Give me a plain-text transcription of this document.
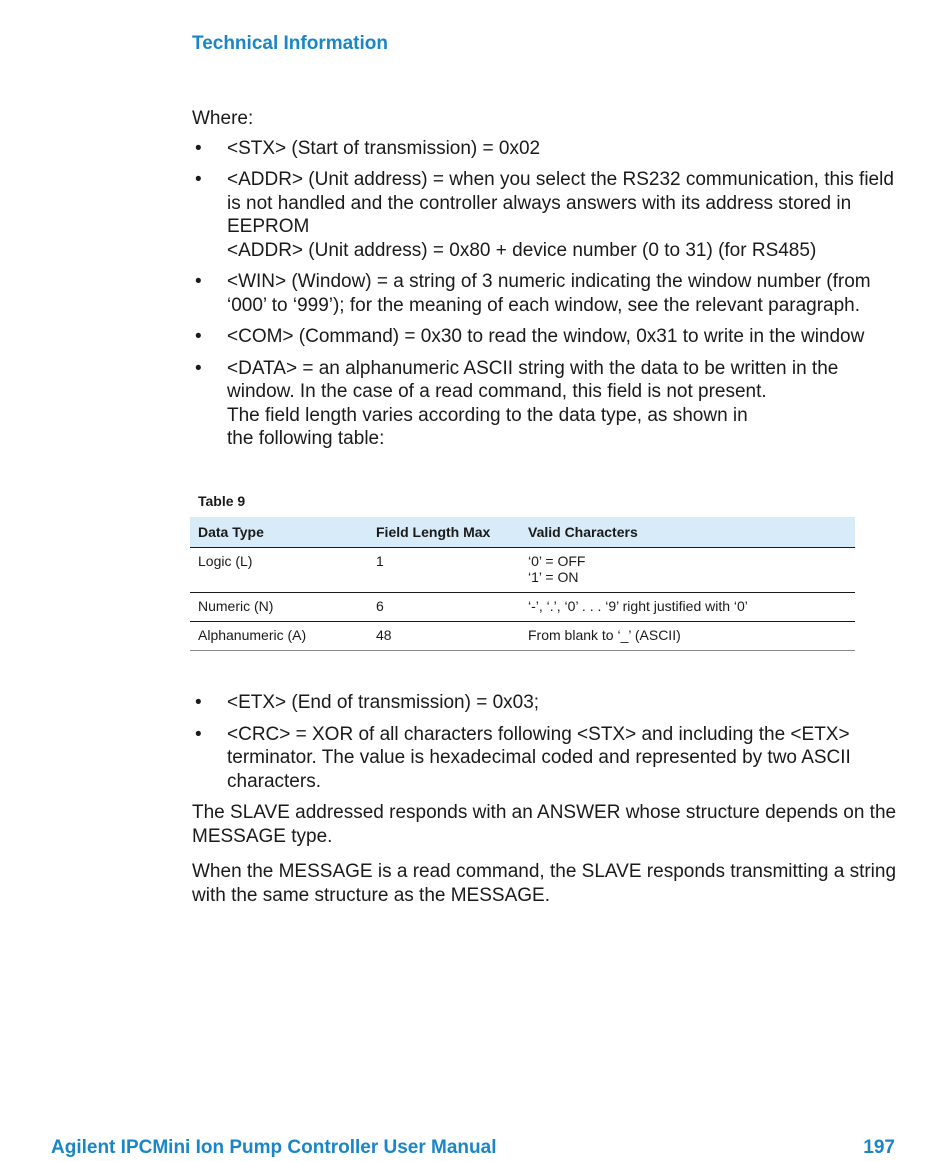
Technical Information

Where:

• <STX> (Start of transmission) = 0x02
• <ADDR> (Unit address) = when you select the RS232 communication, this field
is not handled and the controller always answers with its address stored in
EEPROM
<ADDR> (Unit address) = 0x80 + device number (0 to 31) (for RS485)
• <WIN> (Window) = a string of 3 numeric indicating the window number (from
‘000’ to ‘999’); for the meaning of each window, see the relevant paragraph.
• <COM> (Command) = 0x30 to read the window, 0x31 to write in the window
• <DATA> = an alphanumeric ASCII string with the data to be written in the
window. In the case of a read command, this field is not present.
The field length varies according to the data type, as shown in
the following table:
Table 9
Data Type	Field Length Max	Valid Characters
Logic (L)	1	‘0’ = OFF
‘1’ = ON

Numeric (N)	6	‘-’, ‘.’, ‘0’ . . . ‘9’ right justified with ‘0’

Alphanumeric (A)	48	From blank to ‘_’ (ASCII)
• <ETX> (End of transmission) = 0x03;
• <CRC> = XOR of all characters following <STX> and including the <ETX>
terminator. The value is hexadecimal coded and represented by two ASCII
characters.

The SLAVE addressed responds with an ANSWER whose structure depends on the
MESSAGE type.

When the MESSAGE is a read command, the SLAVE responds transmitting a string
with the same structure as the MESSAGE.

Agilent IPCMini Ion Pump Controller User Manual	197
